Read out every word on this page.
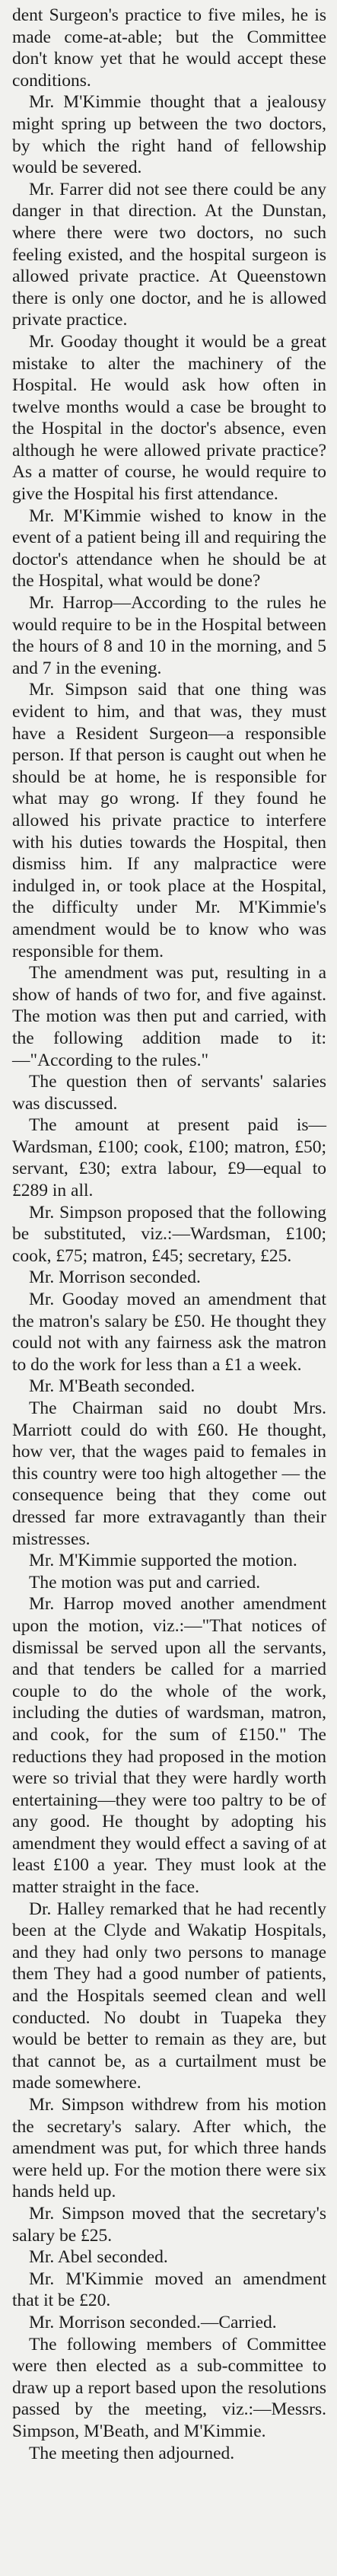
dent Surgeon's practice to five miles, he is made come-at-able; but the Committee don't know yet that he would accept these conditions.

Mr. M'Kimmie thought that a jealousy might spring up between the two doctors, by which the right hand of fellowship would be severed.

Mr. Farrer did not see there could be any danger in that direction. At the Dunstan, where there were two doctors, no such feeling existed, and the hospital surgeon is allowed private practice. At Queenstown there is only one doctor, and he is allowed private practice.

Mr. Gooday thought it would be a great mistake to alter the machinery of the Hospital. He would ask how often in twelve months would a case be brought to the Hospital in the doctor's absence, even although he were allowed private practice? As a matter of course, he would require to give the Hospital his first attendance.

Mr. M'Kimmie wished to know in the event of a patient being ill and requiring the doctor's attendance when he should be at the Hospital, what would be done?

Mr. Harrop—According to the rules he would require to be in the Hospital between the hours of 8 and 10 in the morning, and 5 and 7 in the evening.

Mr. Simpson said that one thing was evident to him, and that was, they must have a Resident Surgeon—a responsible person. If that person is caught out when he should be at home, he is responsible for what may go wrong. If they found he allowed his private practice to interfere with his duties towards the Hospital, then dismiss him. If any malpractice were indulged in, or took place at the Hospital, the difficulty under Mr. M'Kimmie's amendment would be to know who was responsible for them.

The amendment was put, resulting in a show of hands of two for, and five against. The motion was then put and carried, with the following addition made to it:—"According to the rules."

The question then of servants' salaries was discussed.

The amount at present paid is—Wardsman, £100; cook, £100; matron, £50; servant, £30; extra labour, £9—equal to £289 in all.

Mr. Simpson proposed that the following be substituted, viz.:—Wardsman, £100; cook, £75; matron, £45; secretary, £25.

Mr. Morrison seconded.

Mr. Gooday moved an amendment that the matron's salary be £50. He thought they could not with any fairness ask the matron to do the work for less than a £1 a week.

Mr. M'Beath seconded.

The Chairman said no doubt Mrs. Marriott could do with £60. He thought, how ver, that the wages paid to females in this country were too high altogether — the consequence being that they come out dressed far more extravagantly than their mistresses.

Mr. M'Kimmie supported the motion.

The motion was put and carried.

Mr. Harrop moved another amendment upon the motion, viz.:—"That notices of dismissal be served upon all the servants, and that tenders be called for a married couple to do the whole of the work, including the duties of wardsman, matron, and cook, for the sum of £150." The reductions they had proposed in the motion were so trivial that they were hardly worth entertaining—they were too paltry to be of any good. He thought by adopting his amendment they would effect a saving of at least £100 a year. They must look at the matter straight in the face.

Dr. Halley remarked that he had recently been at the Clyde and Wakatip Hospitals, and they had only two persons to manage them They had a good number of patients, and the Hospitals seemed clean and well conducted. No doubt in Tuapeka they would be better to remain as they are, but that cannot be, as a curtailment must be made somewhere.

Mr. Simpson withdrew from his motion the secretary's salary. After which, the amendment was put, for which three hands were held up. For the motion there were six hands held up.

Mr. Simpson moved that the secretary's salary be £25.

Mr. Abel seconded.

Mr. M'Kimmie moved an amendment that it be £20.

Mr. Morrison seconded.—Carried.

The following members of Committee were then elected as a sub-committee to draw up a report based upon the resolutions passed by the meeting, viz.:—Messrs. Simpson, M'Beath, and M'Kimmie.

The meeting then adjourned.
